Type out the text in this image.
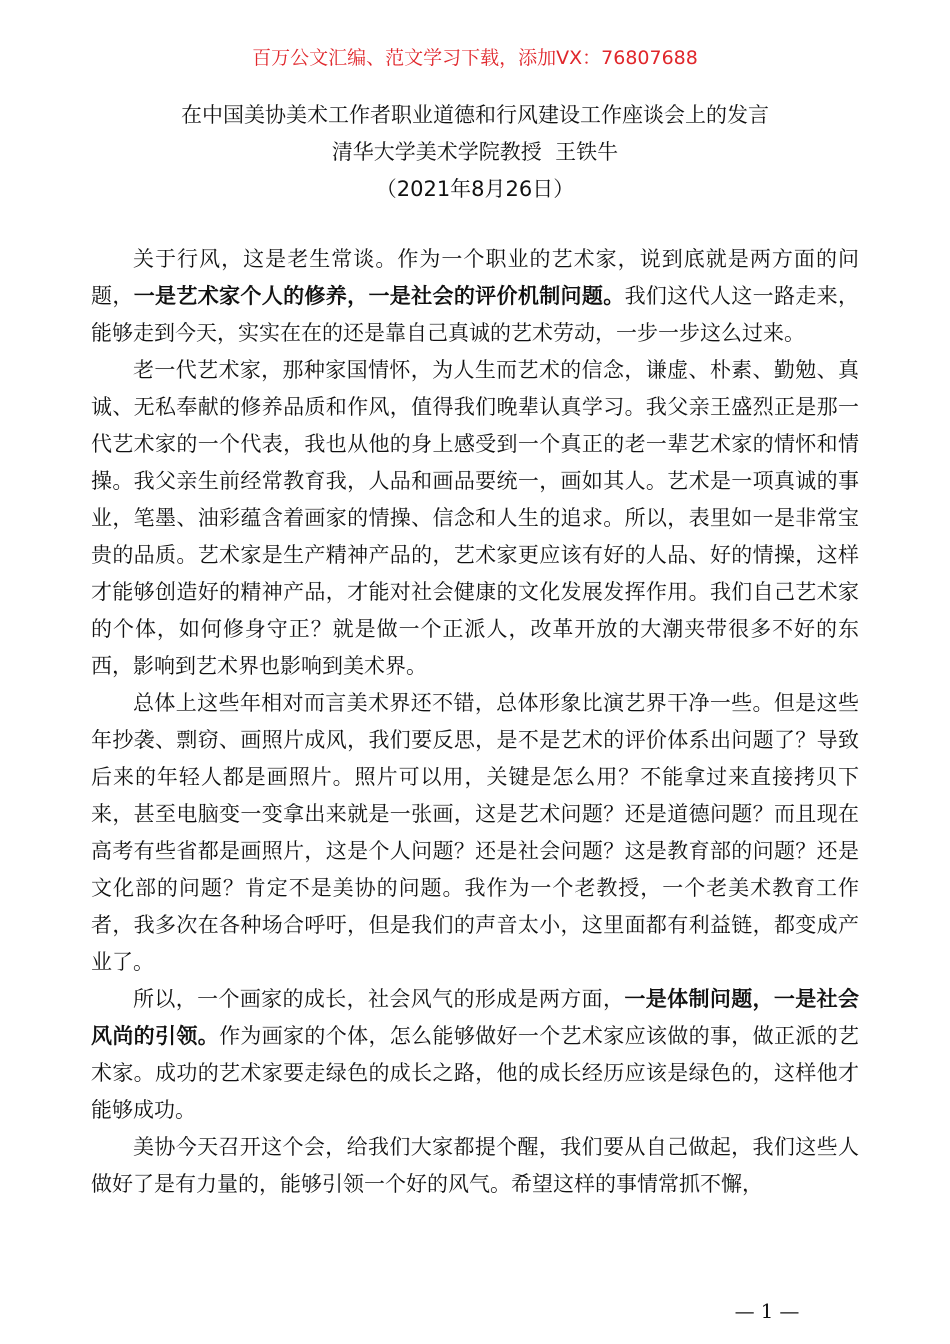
百万公文汇编、范文学习下载，添加VX：76807688
在中国美协美术工作者职业道德和行风建设工作座谈会上的发言
清华大学美术学院教授  王铁牛
（2021年8月26日）

关于行风，这是老生常谈。作为一个职业的艺术家，说到底就是两方面的问题，一是艺术家个人的修养，一是社会的评价机制问题。我们这代人这一路走来，能够走到今天，实实在在的还是靠自己真诚的艺术劳动，一步一步这么过来。

老一代艺术家，那种家国情怀，为人生而艺术的信念，谦虚、朴素、勤勉、真诚、无私奉献的修养品质和作风，值得我们晚辈认真学习。我父亲王盛烈正是那一代艺术家的一个代表，我也从他的身上感受到一个真正的老一辈艺术家的情怀和情操。我父亲生前经常教育我，人品和画品要统一，画如其人。艺术是一项真诚的事业，笔墨、油彩蕴含着画家的情操、信念和人生的追求。所以，表里如一是非常宝贵的品质。艺术家是生产精神产品的，艺术家更应该有好的人品、好的情操，这样才能够创造好的精神产品，才能对社会健康的文化发展发挥作用。我们自己艺术家的个体，如何修身守正？就是做一个正派人，改革开放的大潮夹带很多不好的东西，影响到艺术界也影响到美术界。

总体上这些年相对而言美术界还不错，总体形象比演艺界干净一些。但是这些年抄袭、剽窃、画照片成风，我们要反思，是不是艺术的评价体系出问题了？导致后来的年轻人都是画照片。照片可以用，关键是怎么用？不能拿过来直接拷贝下来，甚至电脑变一变拿出来就是一张画，这是艺术问题？还是道德问题？而且现在高考有些省都是画照片，这是个人问题？还是社会问题？这是教育部的问题？还是文化部的问题？肯定不是美协的问题。我作为一个老教授，一个老美术教育工作者，我多次在各种场合呼吁，但是我们的声音太小，这里面都有利益链，都变成产业了。

所以，一个画家的成长，社会风气的形成是两方面，一是体制问题，一是社会风尚的引领。作为画家的个体，怎么能够做好一个艺术家应该做的事，做正派的艺术家。成功的艺术家要走绿色的成长之路，他的成长经历应该是绿色的，这样他才能够成功。

美协今天召开这个会，给我们大家都提个醒，我们要从自己做起，我们这些人做好了是有力量的，能够引领一个好的风气。希望这样的事情常抓不懈，

—1—
